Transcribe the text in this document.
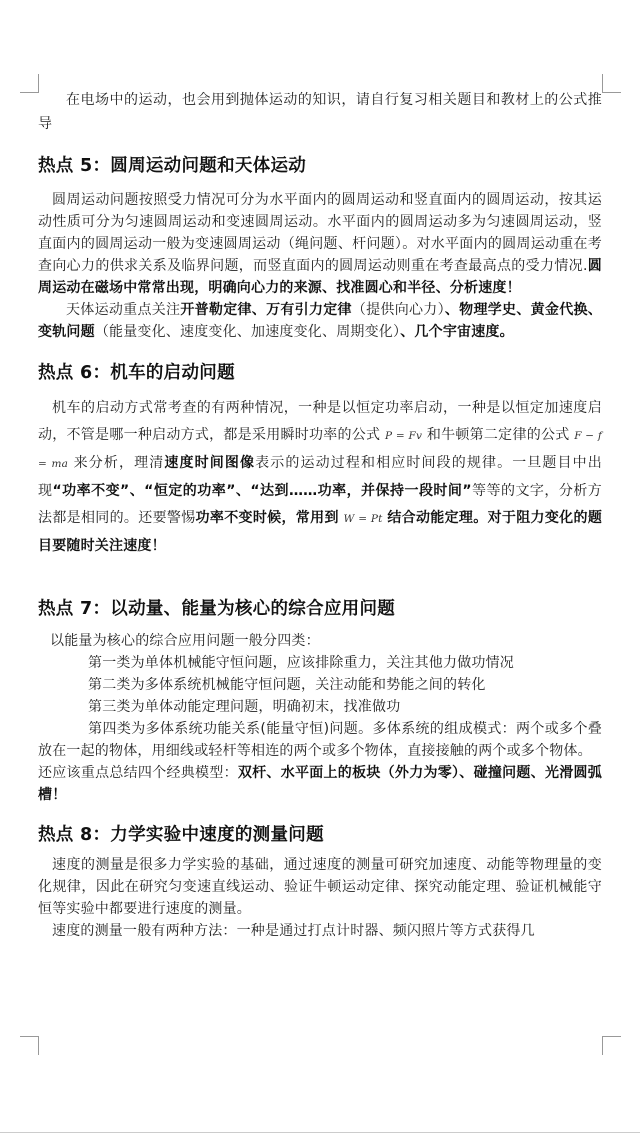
在电场中的运动，也会用到抛体运动的知识，请自行复习相关题目和教材上的公式推导

热点 5：圆周运动问题和天体运动

圆周运动问题按照受力情况可分为水平面内的圆周运动和竖直面内的圆周运动，按其运动性质可分为匀速圆周运动和变速圆周运动。水平面内的圆周运动多为匀速圆周运动，竖直面内的圆周运动一般为变速圆周运动（绳问题、杆问题）。对水平面内的圆周运动重在考查向心力的供求关系及临界问题，而竖直面内的圆周运动则重在考查最高点的受力情况.圆周运动在磁场中常常出现，明确向心力的来源、找准圆心和半径、分析速度！

天体运动重点关注开普勒定律、万有引力定律（提供向心力）、物理学史、黄金代换、变轨问题（能量变化、速度变化、加速度变化、周期变化）、几个宇宙速度。

热点 6：机车的启动问题

机车的启动方式常考查的有两种情况，一种是以恒定功率启动，一种是以恒定加速度启动，不管是哪一种启动方式，都是采用瞬时功率的公式 P = Fv 和牛顿第二定律的公式 F − f = ma 来分析，理清速度时间图像表示的运动过程和相应时间段的规律。一旦题目中出现“功率不变”、“恒定的功率”、“达到……功率，并保持一段时间”等等的文字，分析方法都是相同的。还要警惕功率不变时候，常用到 W = Pt 结合动能定理。对于阻力变化的题目要随时关注速度！

热点 7：以动量、能量为核心的综合应用问题

以能量为核心的综合应用问题一般分四类：

第一类为单体机械能守恒问题，应该排除重力，关注其他力做功情况

第二类为多体系统机械能守恒问题，关注动能和势能之间的转化

第三类为单体动能定理问题，明确初末，找准做功

第四类为多体系统功能关系(能量守恒)问题。多体系统的组成模式：两个或多个叠放在一起的物体，用细线或轻杆等相连的两个或多个物体，直接接触的两个或多个物体。

还应该重点总结四个经典模型：双杆、水平面上的板块（外力为零）、碰撞问题、光滑圆弧槽！

热点 8：力学实验中速度的测量问题

速度的测量是很多力学实验的基础，通过速度的测量可研究加速度、动能等物理量的变化规律，因此在研究匀变速直线运动、验证牛顿运动定律、探究动能定理、验证机械能守恒等实验中都要进行速度的测量。

速度的测量一般有两种方法：一种是通过打点计时器、频闪照片等方式获得几
